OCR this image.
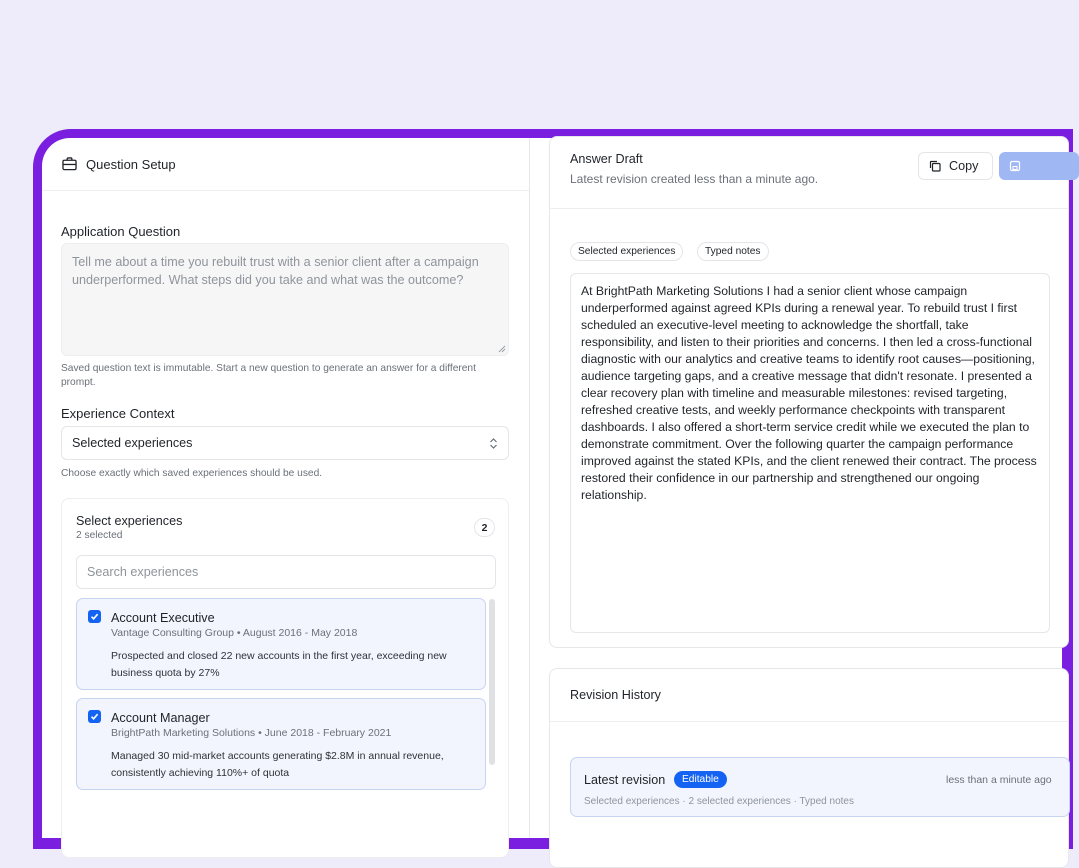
Question Setup
Application Question
Tell me about a time you rebuilt trust with a senior client after a campaign underperformed. What steps did you take and what was the outcome?
Saved question text is immutable. Start a new question to generate an answer for a different prompt.
Experience Context
Selected experiences
Choose exactly which saved experiences should be used.
Select experiences
2 selected
2
Search experiences
Account Executive
Vantage Consulting Group • August 2016 - May 2018
Prospected and closed 22 new accounts in the first year, exceeding new business quota by 27%
Account Manager
BrightPath Marketing Solutions • June 2018 - February 2021
Managed 30 mid-market accounts generating $2.8M in annual revenue, consistently achieving 110%+ of quota
Answer Draft
Latest revision created less than a minute ago.
Copy
Selected experiences	Typed notes
At BrightPath Marketing Solutions I had a senior client whose campaign underperformed against agreed KPIs during a renewal year. To rebuild trust I first scheduled an executive-level meeting to acknowledge the shortfall, take responsibility, and listen to their priorities and concerns. I then led a cross-functional diagnostic with our analytics and creative teams to identify root causes—positioning, audience targeting gaps, and a creative message that didn't resonate. I presented a clear recovery plan with timeline and measurable milestones: revised targeting, refreshed creative tests, and weekly performance checkpoints with transparent dashboards. I also offered a short-term service credit while we executed the plan to demonstrate commitment. Over the following quarter the campaign performance improved against the stated KPIs, and the client renewed their contract. The process restored their confidence in our partnership and strengthened our ongoing relationship.
Revision History
Latest revision	Editable	less than a minute ago
Selected experiences · 2 selected experiences · Typed notes
